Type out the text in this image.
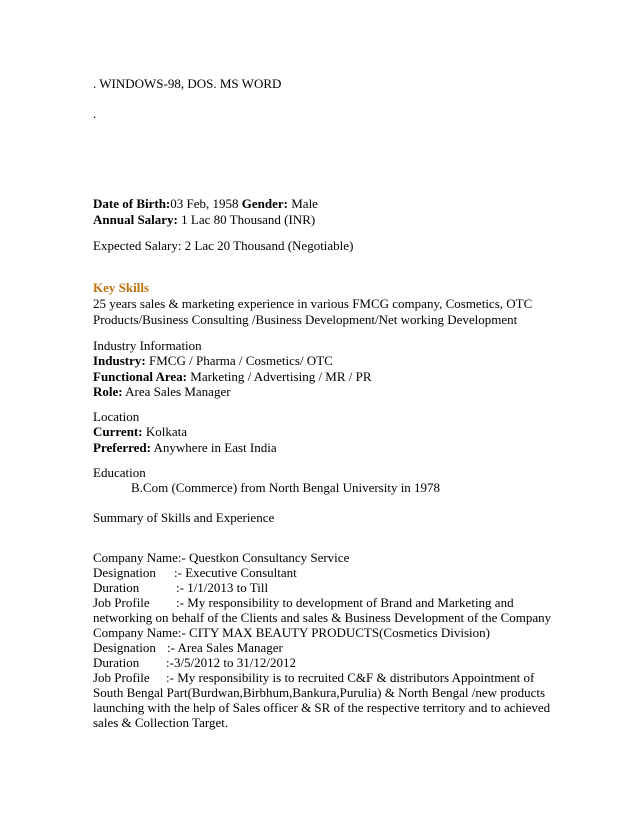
. WINDOWS-98, DOS. MS WORD
.
Date of Birth:03 Feb, 1958 Gender: Male
Annual Salary: 1 Lac 80 Thousand (INR)
Expected Salary: 2 Lac 20 Thousand (Negotiable)
Key Skills
25 years sales & marketing experience in various FMCG company, Cosmetics, OTC
Products/Business Consulting /Business Development/Net working Development
Industry Information
Industry: FMCG / Pharma / Cosmetics/ OTC
Functional Area: Marketing / Advertising / MR / PR
Role: Area Sales Manager
Location
Current: Kolkata
Preferred: Anywhere in East India
Education
B.Com (Commerce) from North Bengal University in 1978
Summary of Skills and Experience
Company Name:- Questkon Consultancy Service
Designation :- Executive Consultant
Duration	:- 1/1/2013 to Till
Job Profile :- My responsibility to development of Brand and Marketing and
networking on behalf of the Clients and sales & Business Development of the Company
Company Name:- CITY MAX BEAUTY PRODUCTS(Cosmetics Division)
Designation :- Area Sales Manager
Duration :-3/5/2012 to 31/12/2012
Job Profile :- My responsibility is to recruited C&F & distributors Appointment of
South Bengal Part(Burdwan,Birbhum,Bankura,Purulia) & North Bengal /new products
launching with the help of Sales officer & SR of the respective territory and to achieved
sales & Collection Target.
